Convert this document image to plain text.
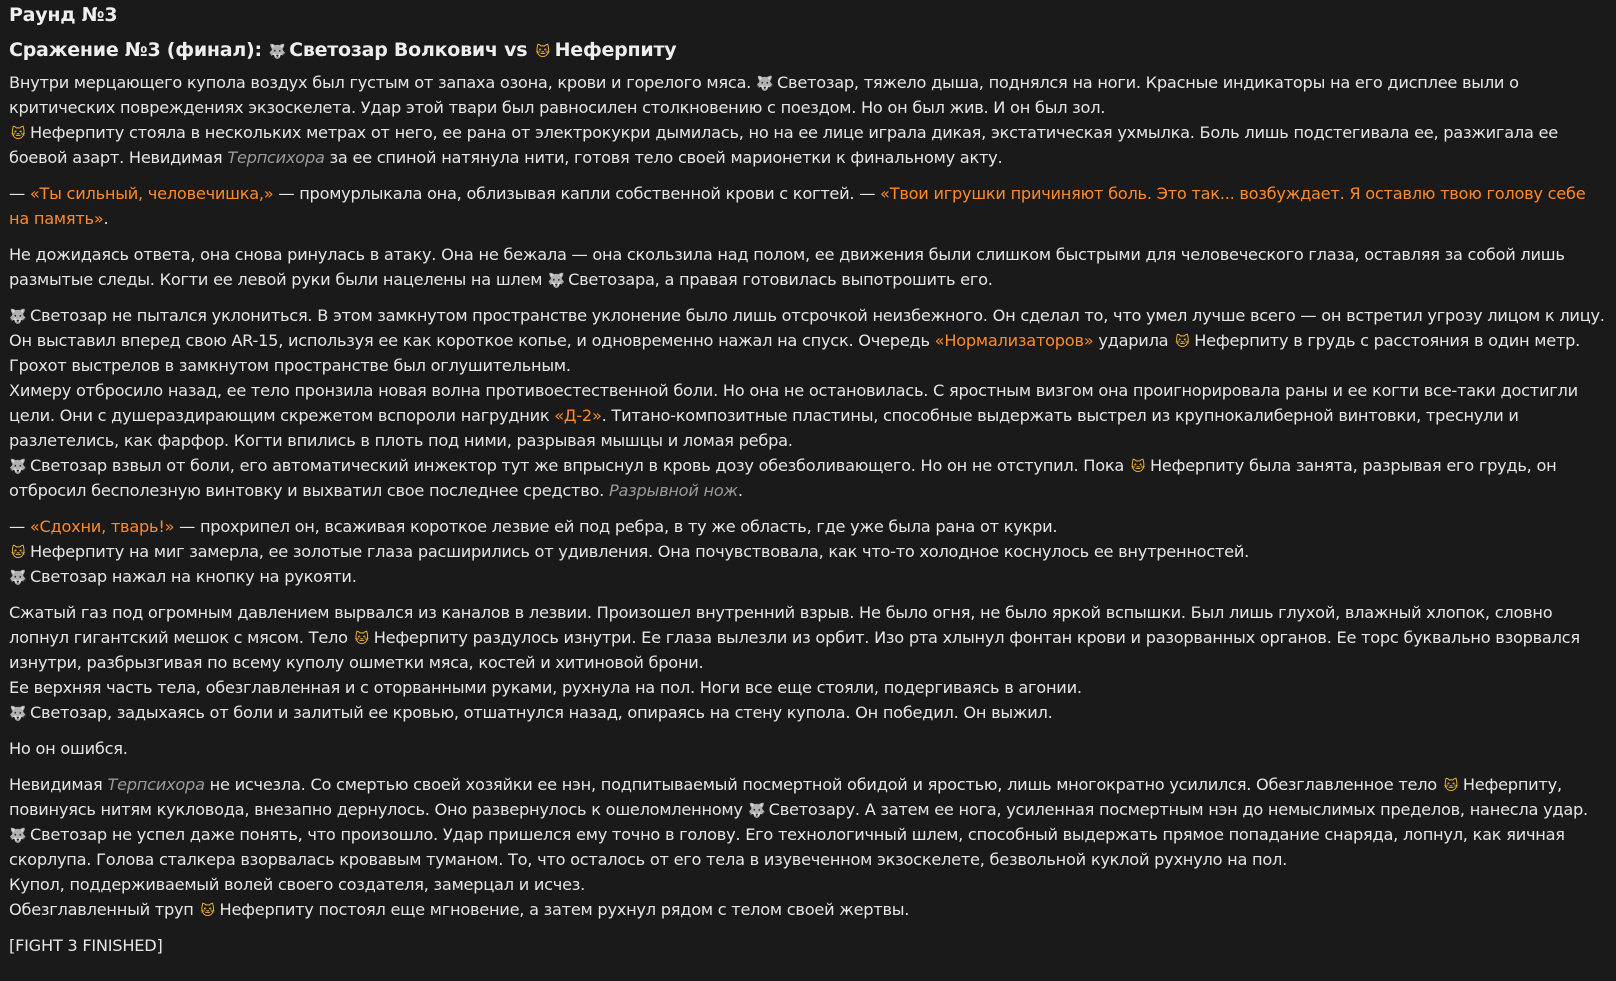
Раунд №3
Сражение №3 (финал): 🐺 Светозар Волкович vs 🐱 Неферпиту

Внутри мерцающего купола воздух был густым от запаха озона, крови и горелого мяса. 🐺 Светозар, тяжело дыша, поднялся на ноги. Красные индикаторы на его дисплее выли о критических повреждениях экзоскелета. Удар этой твари был равносилен столкновению с поездом. Но он был жив. И он был зол.
🐱 Неферпиту стояла в нескольких метрах от него, ее рана от электрокукри дымилась, но на ее лице играла дикая, экстатическая ухмылка. Боль лишь подстегивала ее, разжигала ее боевой азарт. Невидимая Терпсихора за ее спиной натянула нити, готовя тело своей марионетки к финальному акту.

— «Ты сильный, человечишка,» — промурлыкала она, облизывая капли собственной крови с когтей. — «Твои игрушки причиняют боль. Это так... возбуждает. Я оставлю твою голову себе на память».

Не дожидаясь ответа, она снова ринулась в атаку. Она не бежала — она скользила над полом, ее движения были слишком быстрыми для человеческого глаза, оставляя за собой лишь размытые следы. Когти ее левой руки были нацелены на шлем 🐺 Светозара, а правая готовилась выпотрошить его.

🐺 Светозар не пытался уклониться. В этом замкнутом пространстве уклонение было лишь отсрочкой неизбежного. Он сделал то, что умел лучше всего — он встретил угрозу лицом к лицу. Он выставил вперед свою AR-15, используя ее как короткое копье, и одновременно нажал на спуск. Очередь «Нормализаторов» ударила 🐱 Неферпиту в грудь с расстояния в один метр. Грохот выстрелов в замкнутом пространстве был оглушительным.
Химеру отбросило назад, ее тело пронзила новая волна противоестественной боли. Но она не остановилась. С яростным визгом она проигнорировала раны и ее когти все-таки достигли цели. Они с душераздирающим скрежетом вспороли нагрудник «Д-2». Титано-композитные пластины, способные выдержать выстрел из крупнокалиберной винтовки, треснули и разлетелись, как фарфор. Когти впились в плоть под ними, разрывая мышцы и ломая ребра.
🐺 Светозар взвыл от боли, его автоматический инжектор тут же впрыснул в кровь дозу обезболивающего. Но он не отступил. Пока 🐱 Неферпиту была занята, разрывая его грудь, он отбросил бесполезную винтовку и выхватил свое последнее средство. Разрывной нож.

— «Сдохни, тварь!» — прохрипел он, всаживая короткое лезвие ей под ребра, в ту же область, где уже была рана от кукри.
🐱 Неферпиту на миг замерла, ее золотые глаза расширились от удивления. Она почувствовала, как что-то холодное коснулось ее внутренностей.
🐺 Светозар нажал на кнопку на рукояти.

Сжатый газ под огромным давлением вырвался из каналов в лезвии. Произошел внутренний взрыв. Не было огня, не было яркой вспышки. Был лишь глухой, влажный хлопок, словно лопнул гигантский мешок с мясом. Тело 🐱 Неферпиту раздулось изнутри. Ее глаза вылезли из орбит. Изо рта хлынул фонтан крови и разорванных органов. Ее торс буквально взорвался изнутри, разбрызгивая по всему куполу ошметки мяса, костей и хитиновой брони.
Ее верхняя часть тела, обезглавленная и с оторванными руками, рухнула на пол. Ноги все еще стояли, подергиваясь в агонии.
🐺 Светозар, задыхаясь от боли и залитый ее кровью, отшатнулся назад, опираясь на стену купола. Он победил. Он выжил.

Но он ошибся.

Невидимая Терпсихора не исчезла. Со смертью своей хозяйки ее нэн, подпитываемый посмертной обидой и яростью, лишь многократно усилился. Обезглавленное тело 🐱 Неферпиту, повинуясь нитям кукловода, внезапно дернулось. Оно развернулось к ошеломленному 🐺 Светозару. А затем ее нога, усиленная посмертным нэн до немыслимых пределов, нанесла удар.
🐺 Светозар не успел даже понять, что произошло. Удар пришелся ему точно в голову. Его технологичный шлем, способный выдержать прямое попадание снаряда, лопнул, как яичная скорлупа. Голова сталкера взорвалась кровавым туманом. То, что осталось от его тела в изувеченном экзоскелете, безвольной куклой рухнуло на пол.
Купол, поддерживаемый волей своего создателя, замерцал и исчез.
Обезглавленный труп 🐱 Неферпиту постоял еще мгновение, а затем рухнул рядом с телом своей жертвы.

[FIGHT 3 FINISHED]
